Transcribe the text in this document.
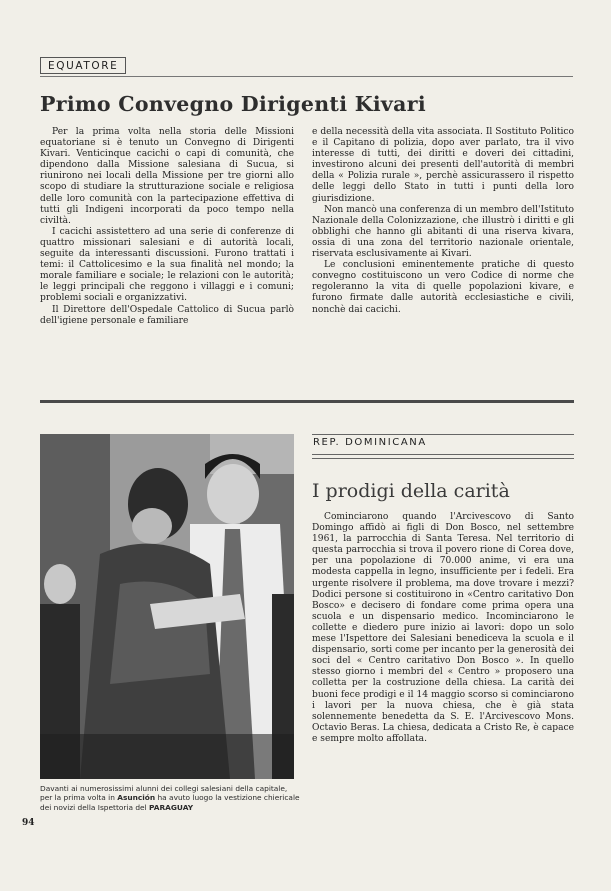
EQUATORE
Primo Convegno Dirigenti Kivari

Per la prima volta nella storia delle Missioni equatoriane si è tenuto un Convegno di Dirigenti Kivari. Venticinque cacichi o capi di comunità, che dipendono dalla Missione salesiana di Sucua, si riunirono nei locali della Missione per tre giorni allo scopo di studiare la strutturazione sociale e religiosa delle loro comunità con la partecipazione effettiva di tutti gli Indigeni incorporati da poco tempo nella civiltà.

I cacichi assistettero ad una serie di conferenze di quattro missionari salesiani e di autorità locali, seguite da interessanti discussioni. Furono trattati i temi: il Cattolicesimo e la sua finalità nel mondo; la morale familiare e sociale; le relazioni con le autorità; le leggi principali che reggono i villaggi e i comuni; problemi sociali e organizzativi.

Il Direttore dell'Ospedale Cattolico di Sucua parlò dell'igiene personale e familiare

e della necessità della vita associata. Il Sostituto Politico e il Capitano di polizia, dopo aver parlato, tra il vivo interesse di tutti, dei diritti e doveri dei cittadini, investirono alcuni dei presenti dell'autorità di membri della « Polizia rurale », perchè assicurassero il rispetto delle leggi dello Stato in tutti i punti della loro giurisdizione.

Non mancò una conferenza di un membro dell'Istituto Nazionale della Colonizzazione, che illustrò i diritti e gli obblighi che hanno gli abitanti di una riserva kivara, ossia di una zona del territorio nazionale orientale, riservata esclusivamente ai Kivari.

Le conclusioni eminentemente pratiche di questo convegno costituiscono un vero Codice di norme che regoleranno la vita di quelle popolazioni kivare, e furono firmate dalle autorità ecclesiastiche e civili, nonchè dai cacichi.

Davanti ai numerosissimi alunni dei collegi salesiani della capitale, per la prima volta in Asunción ha avuto luogo la vestizione chiericale dei novizi della Ispettoria del PARAGUAY
94
REP. DOMINICANA
I prodigi della carità

Cominciarono quando l'Arcivescovo di Santo Domingo affidò ai figli di Don Bosco, nel settembre 1961, la parrocchia di Santa Teresa. Nel territorio di questa parrocchia si trova il povero rione di Corea dove, per una popolazione di 70.000 anime, vi era una modesta cappella in legno, insufficiente per i fedeli. Era urgente risolvere il problema, ma dove trovare i mezzi? Dodici persone si costituirono in «Centro caritativo Don Bosco» e decisero di fondare come prima opera una scuola e un dispensario medico. Incominciarono le collette e diedero pure inizio ai lavori: dopo un solo mese l'Ispettore dei Salesiani benediceva la scuola e il dispensario, sorti come per incanto per la generosità dei soci del « Centro caritativo Don Bosco ». In quello stesso giorno i membri del « Centro » proposero una colletta per la costruzione della chiesa. La carità dei buoni fece prodigi e il 14 maggio scorso si cominciarono i lavori per la nuova chiesa, che è già stata solennemente benedetta da S. E. l'Arcivescovo Mons. Octavio Beras. La chiesa, dedicata a Cristo Re, è capace e sempre molto affollata.
